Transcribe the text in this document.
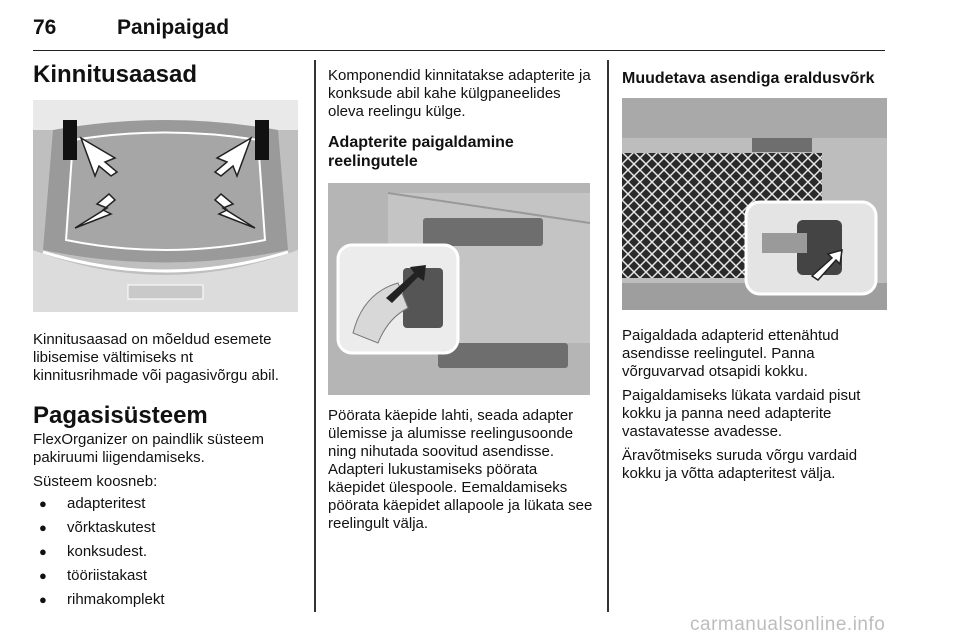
76	Panipaigad
Kinnitusaasad

Kinnitusaasad on mõeldud esemete libisemise vältimiseks nt kinnitusrihmade või pagasivõrgu abil.

Pagasisüsteem

FlexOrganizer on paindlik süsteem pakiruumi liigendamiseks.

Süsteem koosneb:

● adapteritest
● võrktaskutest
● konksudest.
● tööriistakast
● rihmakomplekt

Komponendid kinnitatakse adapterite ja konksude abil kahe külgpaneelides oleva reelingu külge.

Adapterite paigaldamine reelingutele

Pöörata käepide lahti, seada adapter ülemisse ja alumisse reelingusoonde ning nihutada soovitud asendisse. Adapteri lukustamiseks pöörata käepidet ülespoole. Eemaldamiseks pöörata käepidet allapoole ja lükata see reelingult välja.

Muudetava asendiga eraldusvõrk

Paigaldada adapterid ettenähtud asendisse reelingutel. Panna võrguvarvad otsapidi kokku.

Paigaldamiseks lükata vardaid pisut kokku ja panna need adapterite vastavatesse avadesse.

Äravõtmiseks suruda võrgu vardaid kokku ja võtta adapteritest välja.

carmanualsonline.info
